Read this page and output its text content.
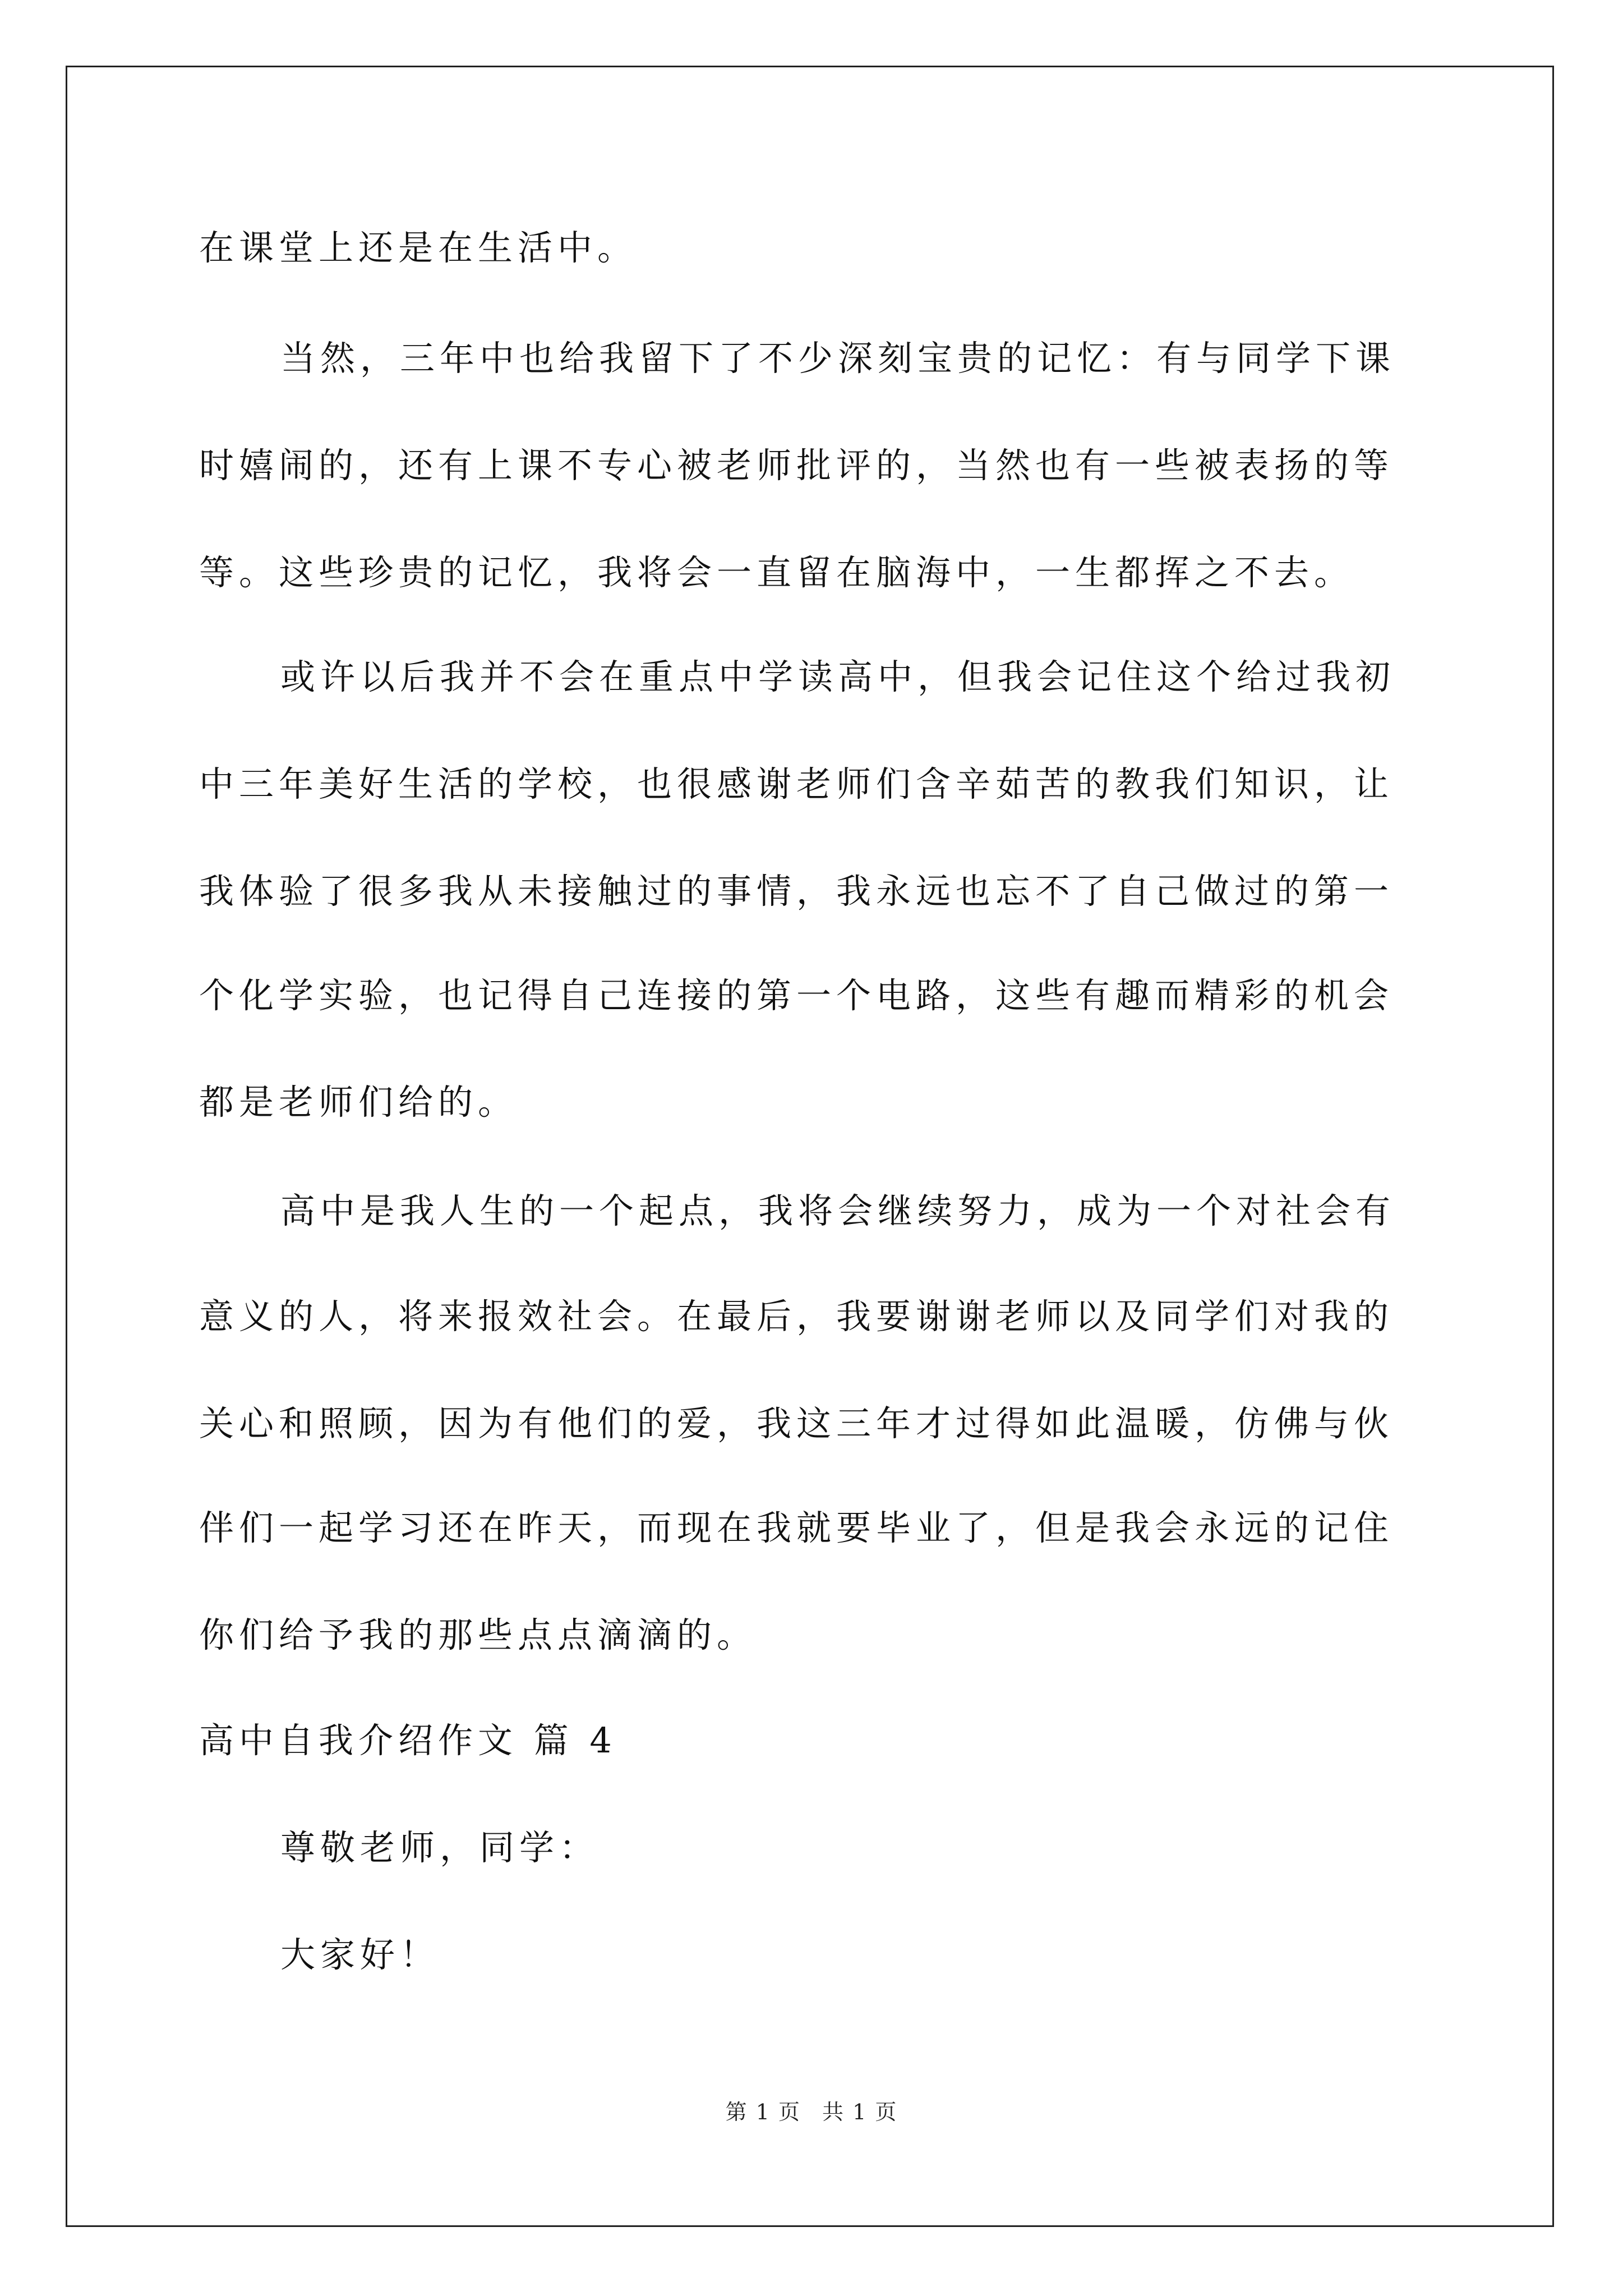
在课堂上还是在生活中。
当然，三年中也给我留下了不少深刻宝贵的记忆：有与同学下课
时嬉闹的，还有上课不专心被老师批评的，当然也有一些被表扬的等
等。这些珍贵的记忆，我将会一直留在脑海中，一生都挥之不去。
或许以后我并不会在重点中学读高中，但我会记住这个给过我初
中三年美好生活的学校，也很感谢老师们含辛茹苦的教我们知识，让
我体验了很多我从未接触过的事情，我永远也忘不了自己做过的第一
个化学实验，也记得自己连接的第一个电路，这些有趣而精彩的机会
都是老师们给的。
高中是我人生的一个起点，我将会继续努力，成为一个对社会有
意义的人，将来报效社会。在最后，我要谢谢老师以及同学们对我的
关心和照顾，因为有他们的爱，我这三年才过得如此温暖，仿佛与伙
伴们一起学习还在昨天，而现在我就要毕业了，但是我会永远的记住
你们给予我的那些点点滴滴的。
高中自我介绍作文 篇 4
尊敬老师，同学：
大家好！
第 1 页 共 1 页
